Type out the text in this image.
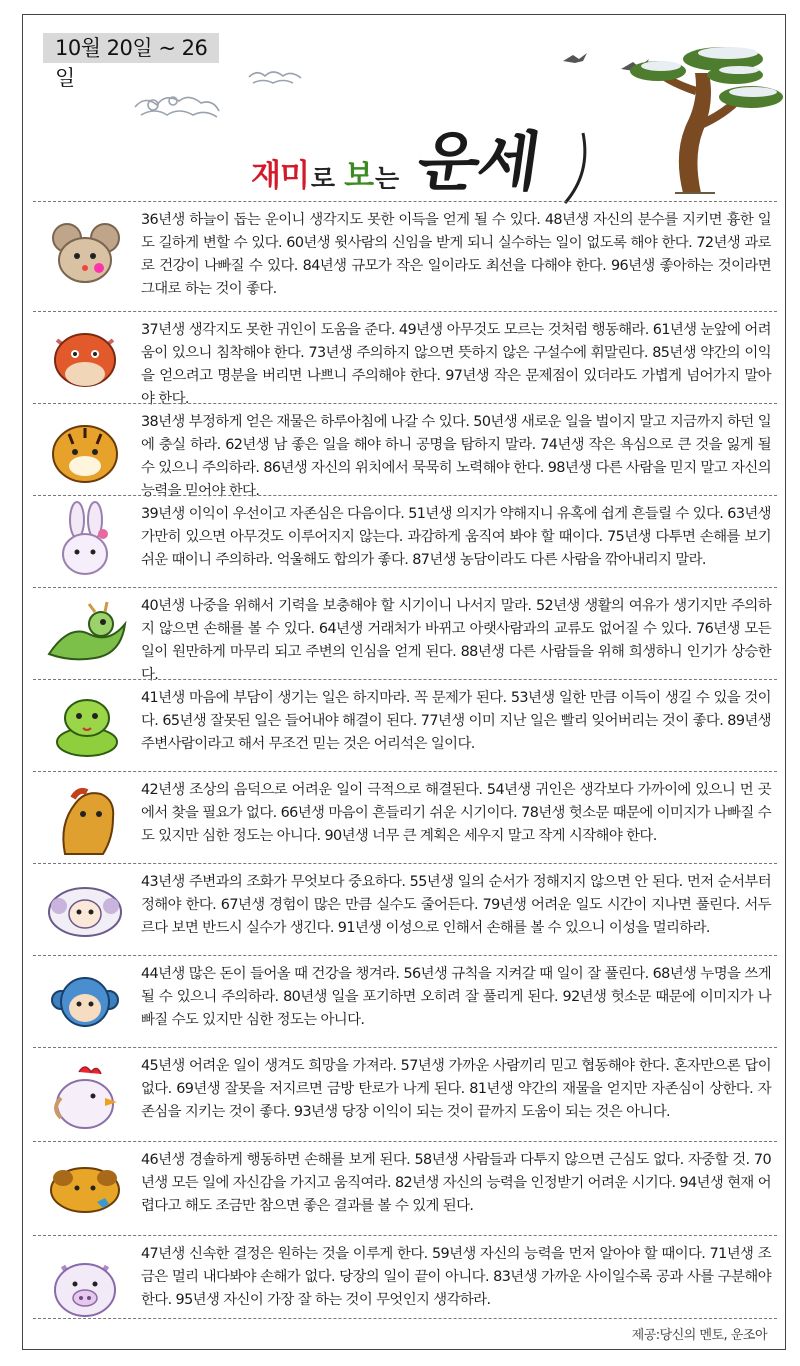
10월 20일 ~ 26일
재미 로 보 는 운세
36년생 하늘이 돕는 운이니 생각지도 못한 이득을 얻게 될 수 있다. 48년생 자신의 분수를 지키면 흉한 일도 길하게 변할 수 있다. 60년생 윗사람의 신임을 받게 되니 실수하는 일이 없도록 해야 한다. 72년생 과로로 건강이 나빠질 수 있다. 84년생 규모가 작은 일이라도 최선을 다해야 한다. 96년생 좋아하는 것이라면 그대로 하는 것이 좋다.
37년생 생각지도 못한 귀인이 도움을 준다. 49년생 아무것도 모르는 것처럼 행동해라. 61년생 눈앞에 어려움이 있으니 침착해야 한다. 73년생 주의하지 않으면 뜻하지 않은 구설수에 휘말린다. 85년생 약간의 이익을 얻으려고 명분을 버리면 나쁘니 주의해야 한다. 97년생 작은 문제점이 있더라도 가볍게 넘어가지 말아야 한다.
38년생 부정하게 얻은 재물은 하루아침에 나갈 수 있다. 50년생 새로운 일을 벌이지 말고 지금까지 하던 일에 충실 하라. 62년생 남 좋은 일을 해야 하니 공명을 탐하지 말라. 74년생 작은 욕심으로 큰 것을 잃게 될 수 있으니 주의하라. 86년생 자신의 위치에서 묵묵히 노력해야 한다. 98년생 다른 사람을 믿지 말고 자신의 능력을 믿어야 한다.
39년생 이익이 우선이고 자존심은 다음이다. 51년생 의지가 약해지니 유혹에 쉽게 흔들릴 수 있다. 63년생 가만히 있으면 아무것도 이루어지지 않는다. 과감하게 움직여 봐야 할 때이다. 75년생 다투면 손해를 보기 쉬운 때이니 주의하라. 억울해도 합의가 좋다. 87년생 농담이라도 다른 사람을 깎아내리지 말라.
40년생 나중을 위해서 기력을 보충해야 할 시기이니 나서지 말라. 52년생 생활의 여유가 생기지만 주의하지 않으면 손해를 볼 수 있다. 64년생 거래처가 바뀌고 아랫사람과의 교류도 없어질 수 있다. 76년생 모든 일이 원만하게 마무리 되고 주변의 인심을 얻게 된다. 88년생 다른 사람들을 위해 희생하니 인기가 상승한다.
41년생 마음에 부담이 생기는 일은 하지마라. 꼭 문제가 된다. 53년생 일한 만큼 이득이 생길 수 있을 것이다. 65년생 잘못된 일은 들어내야 해결이 된다. 77년생 이미 지난 일은 빨리 잊어버리는 것이 좋다. 89년생 주변사람이라고 해서 무조건 믿는 것은 어리석은 일이다.
42년생 조상의 음덕으로 어려운 일이 극적으로 해결된다. 54년생 귀인은 생각보다 가까이에 있으니 먼 곳에서 찾을 필요가 없다. 66년생 마음이 흔들리기 쉬운 시기이다. 78년생 헛소문 때문에 이미지가 나빠질 수도 있지만 심한 정도는 아니다. 90년생 너무 큰 계획은 세우지 말고 작게 시작해야 한다.
43년생 주변과의 조화가 무엇보다 중요하다. 55년생 일의 순서가 정해지지 않으면 안 된다. 먼저 순서부터 정해야 한다. 67년생 경험이 많은 만큼 실수도 줄어든다. 79년생 어려운 일도 시간이 지나면 풀린다. 서두르다 보면 반드시 실수가 생긴다. 91년생 이성으로 인해서 손해를 볼 수 있으니 이성을 멀리하라.
44년생 많은 돈이 들어올 때 건강을 챙겨라. 56년생 규칙을 지켜갈 때 일이 잘 풀린다. 68년생 누명을 쓰게 될 수 있으니 주의하라. 80년생 일을 포기하면 오히려 잘 풀리게 된다. 92년생 헛소문 때문에 이미지가 나빠질 수도 있지만 심한 정도는 아니다.
45년생 어려운 일이 생겨도 희망을 가져라. 57년생 가까운 사람끼리 믿고 협동해야 한다. 혼자만으론 답이 없다. 69년생 잘못을 저지르면 금방 탄로가 나게 된다. 81년생 약간의 재물을 얻지만 자존심이 상한다. 자존심을 지키는 것이 좋다. 93년생 당장 이익이 되는 것이 끝까지 도움이 되는 것은 아니다.
46년생 경솔하게 행동하면 손해를 보게 된다. 58년생 사람들과 다투지 않으면 근심도 없다. 자중할 것. 70년생 모든 일에 자신감을 가지고 움직여라. 82년생 자신의 능력을 인정받기 어려운 시기다. 94년생 현재 어렵다고 해도 조금만 참으면 좋은 결과를 볼 수 있게 된다.
47년생 신속한 결정은 원하는 것을 이루게 한다. 59년생 자신의 능력을 먼저 알아야 할 때이다. 71년생 조금은 멀리 내다봐야 손해가 없다. 당장의 일이 끝이 아니다. 83년생 가까운 사이일수록 공과 사를 구분해야 한다. 95년생 자신이 가장 잘 하는 것이 무엇인지 생각하라.
제공:당신의 멘토, 운조아
